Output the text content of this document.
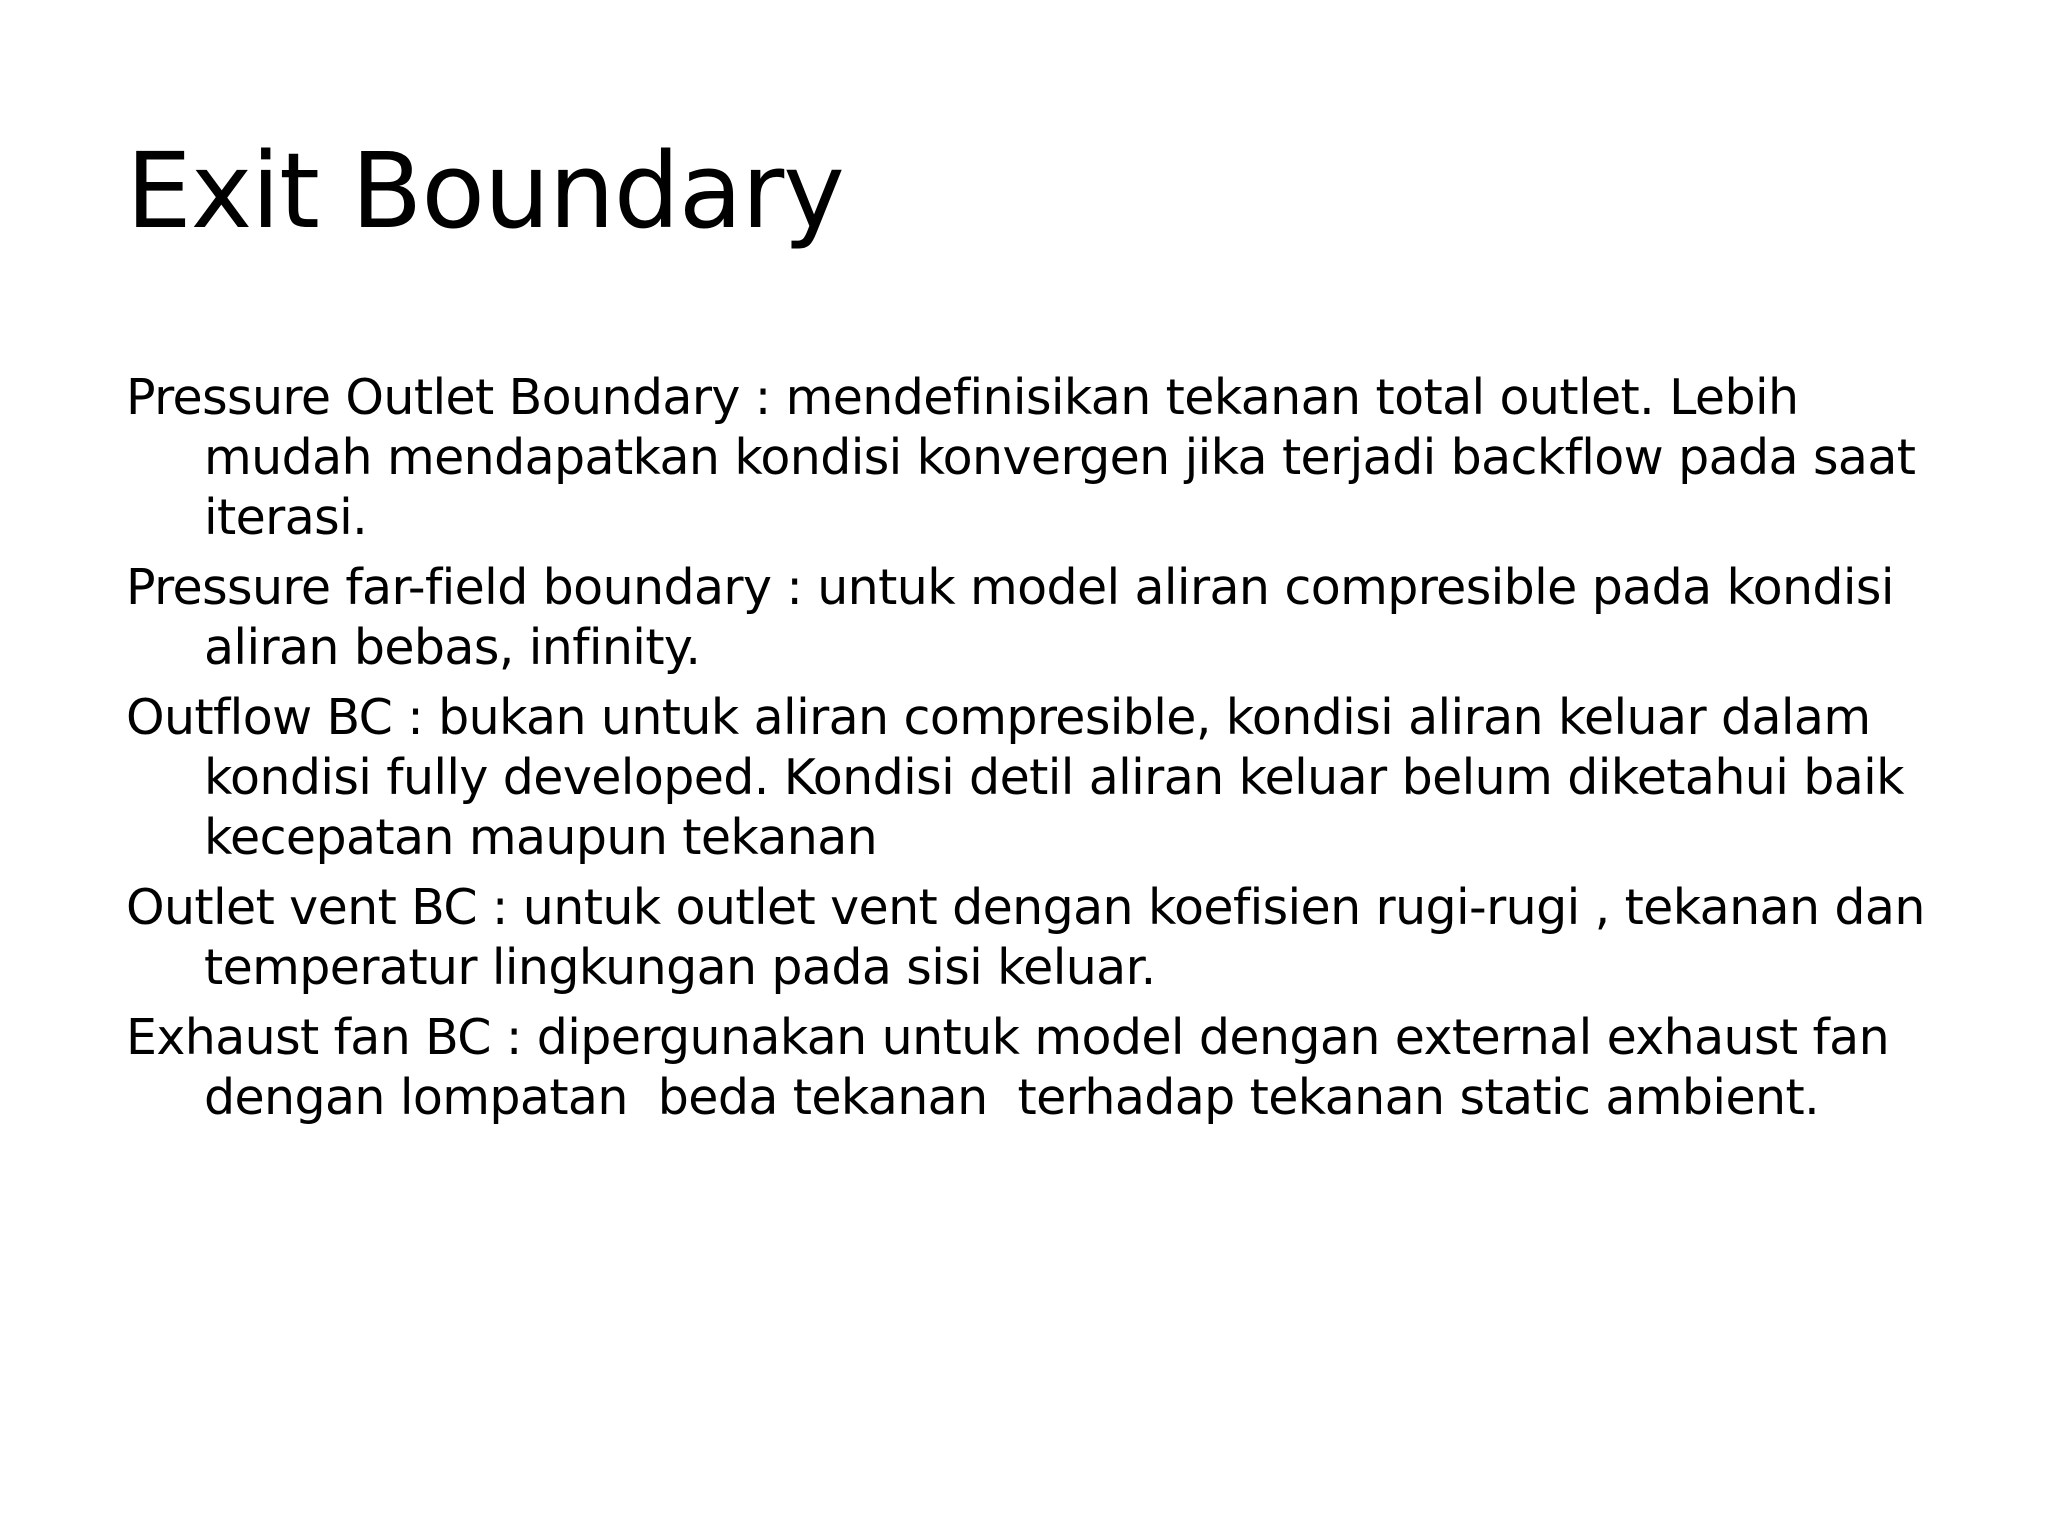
Exit Boundary
Pressure Outlet Boundary : mendefinisikan tekanan total outlet. Lebih mudah mendapatkan kondisi konvergen jika terjadi backflow pada saat iterasi.
Pressure far-field boundary : untuk model aliran compresible pada kondisi aliran bebas, infinity.
Outflow BC : bukan untuk aliran compresible, kondisi aliran keluar dalam kondisi fully developed. Kondisi detil aliran keluar belum diketahui baik kecepatan maupun tekanan
Outlet vent BC : untuk outlet vent dengan koefisien rugi-rugi , tekanan dan temperatur lingkungan pada sisi keluar.
Exhaust fan BC : dipergunakan untuk model dengan external exhaust fan dengan lompatan  beda tekanan  terhadap tekanan static ambient.
